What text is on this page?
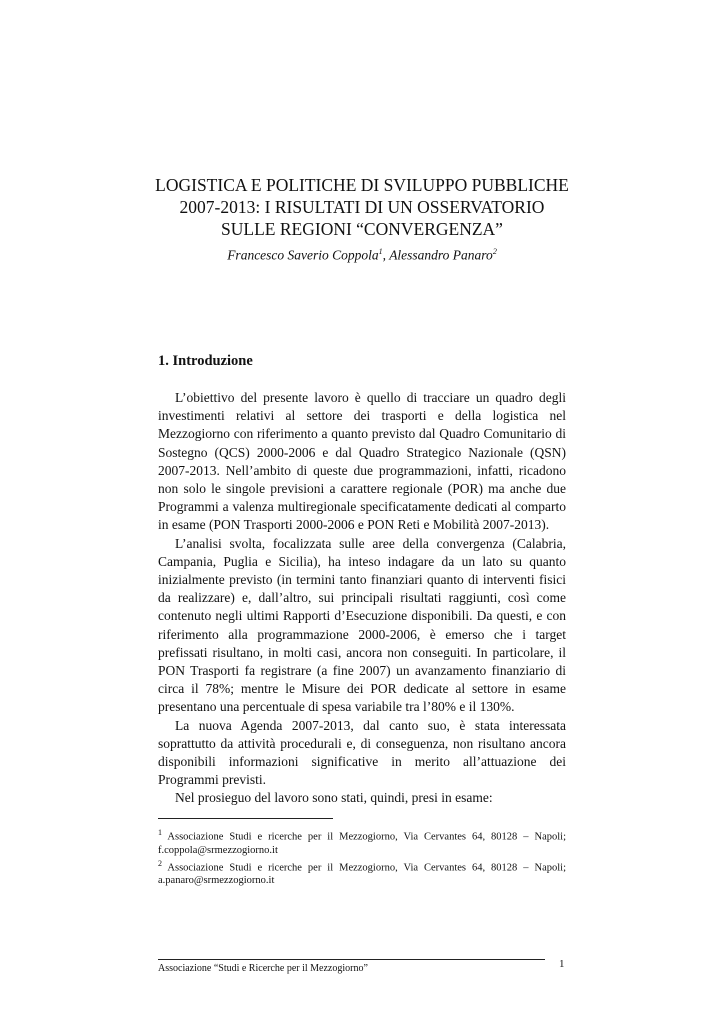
LOGISTICA E POLITICHE DI SVILUPPO PUBBLICHE
2007-2013: I RISULTATI DI UN OSSERVATORIO
SULLE REGIONI “CONVERGENZA”
Francesco Saverio Coppola$^1$, Alessandro Panaro$^2$
1. Introduzione

L’obiettivo del presente lavoro è quello di tracciare un quadro degli investimenti relativi al settore dei trasporti e della logistica nel Mezzogiorno con riferimento a quanto previsto dal Quadro Comunitario di Sostegno (QCS) 2000-2006 e dal Quadro Strategico Nazionale (QSN) 2007-2013. Nell’ambito di queste due programmazioni, infatti, ricadono non solo le singole previsioni a carattere regionale (POR) ma anche due Programmi a valenza multiregionale specificatamente dedicati al comparto in esame (PON Trasporti 2000-2006 e PON Reti e Mobilità 2007-2013).

L’analisi svolta, focalizzata sulle aree della convergenza (Calabria, Campania, Puglia e Sicilia), ha inteso indagare da un lato su quanto inizialmente previsto (in termini tanto finanziari quanto di interventi fisici da realizzare) e, dall’altro, sui principali risultati raggiunti, così come contenuto negli ultimi Rapporti d’Esecuzione disponibili. Da questi, e con riferimento alla programmazione 2000-2006, è emerso che i target prefissati risultano, in molti casi, ancora non conseguiti. In particolare, il PON Trasporti fa registrare (a fine 2007) un avanzamento finanziario di circa il 78%; mentre le Misure dei POR dedicate al settore in esame presentano una percentuale di spesa variabile tra l’80% e il 130%.

La nuova Agenda 2007-2013, dal canto suo, è stata interessata soprattutto da attività procedurali e, di conseguenza, non risultano ancora disponibili informazioni significative in merito all’attuazione dei Programmi previsti.

Nel prosieguo del lavoro sono stati, quindi, presi in esame:

$^1$ Associazione Studi e ricerche per il Mezzogiorno, Via Cervantes 64, 80128 – Napoli; f.coppola@srmezzogiorno.it

$^2$ Associazione Studi e ricerche per il Mezzogiorno, Via Cervantes 64, 80128 – Napoli; a.panaro@srmezzogiorno.it

Associazione “Studi e Ricerche per il Mezzogiorno”	1
